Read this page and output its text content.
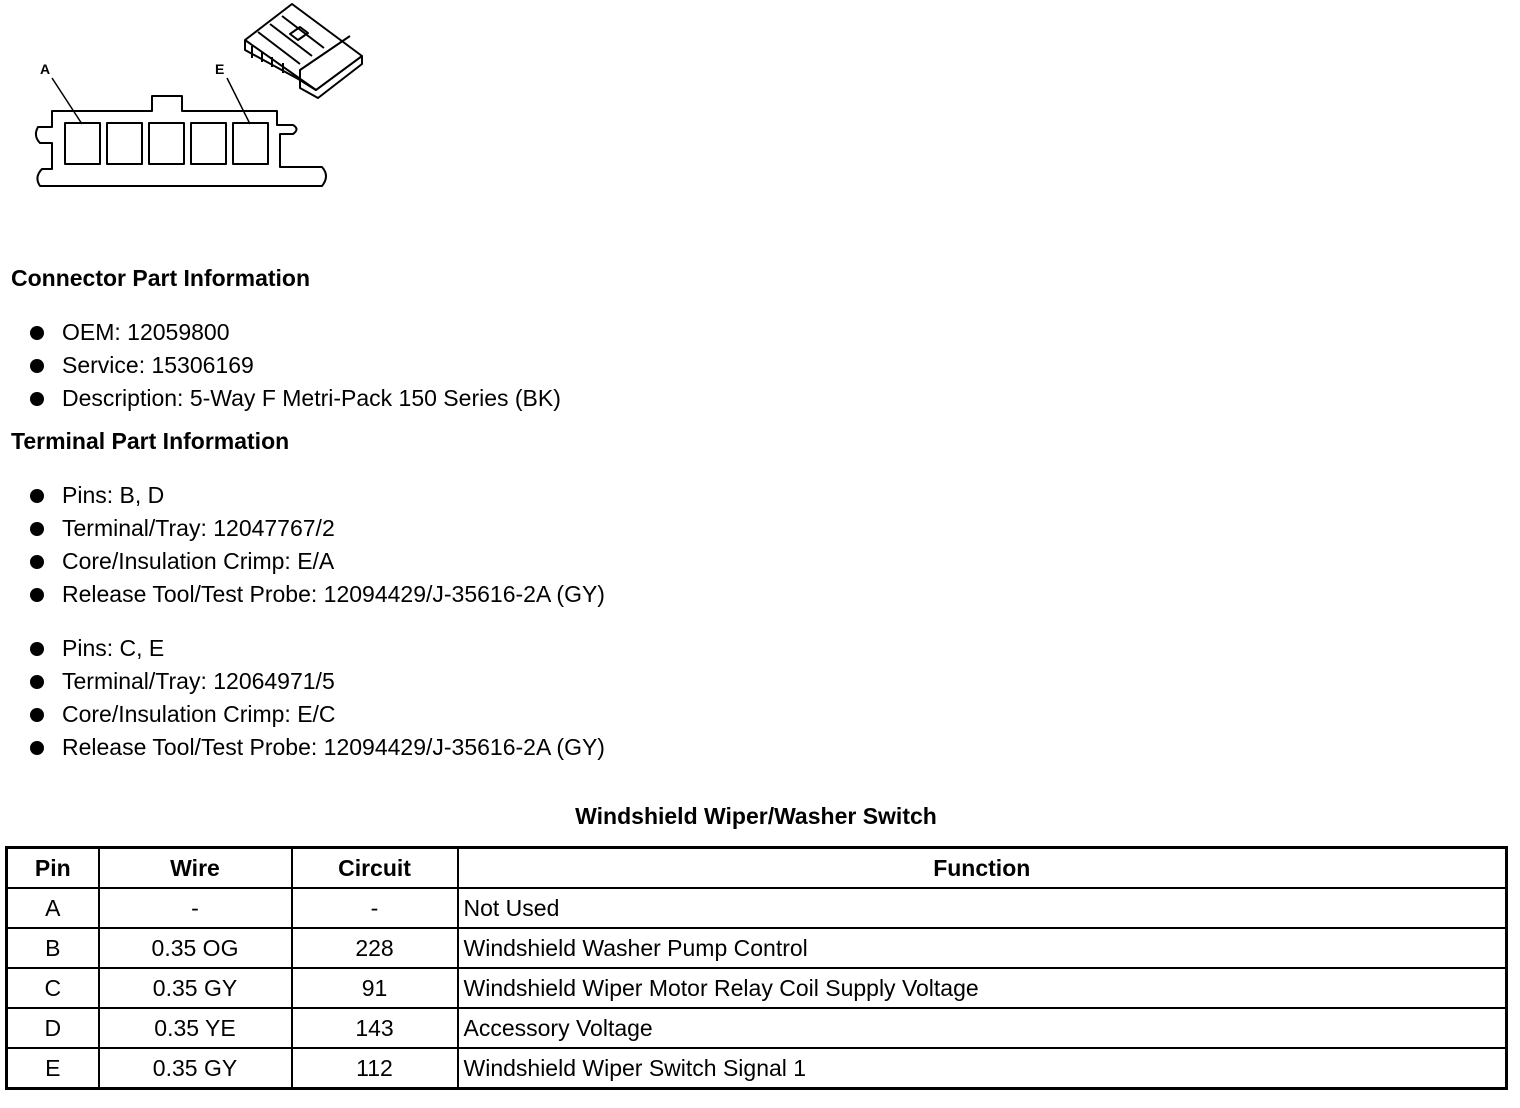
A	E
Connector Part Information
OEM: 12059800
Service: 15306169
Description: 5-Way F Metri-Pack 150 Series (BK)
Terminal Part Information
Pins: B, D
Terminal/Tray: 12047767/2
Core/Insulation Crimp: E/A
Release Tool/Test Probe: 12094429/J-35616-2A (GY)
Pins: C, E
Terminal/Tray: 12064971/5
Core/Insulation Crimp: E/C
Release Tool/Test Probe: 12094429/J-35616-2A (GY)
Windshield Wiper/Washer Switch
Pin	Wire	Circuit	Function
A	-	-	Not Used
B	0.35 OG	228	Windshield Washer Pump Control
C	0.35 GY	91	Windshield Wiper Motor Relay Coil Supply Voltage
D	0.35 YE	143	Accessory Voltage
E	0.35 GY	112	Windshield Wiper Switch Signal 1
